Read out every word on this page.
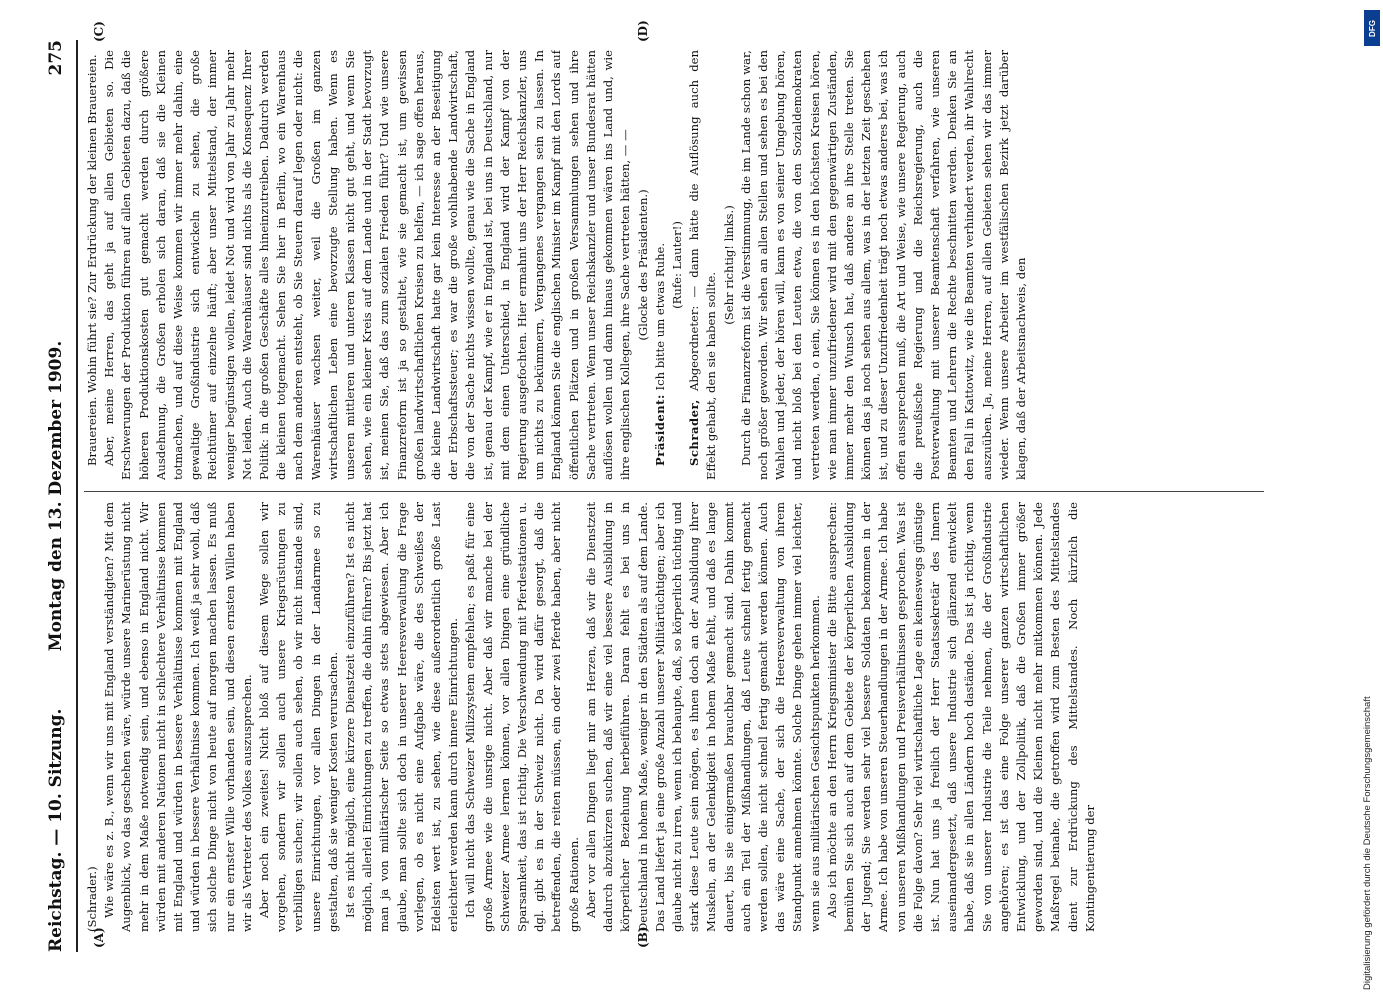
Reichstag. — 10. Sitzung.
Montag den 13. Dezember 1909.
275
(A)	(B)
(C)	(D)

(Schrader.) Wie wäre es z. B., wenn wir uns mit England verständigten? Mit dem Augenblick, wo das geschehen wäre, würde unsere Marinerüstung nicht mehr in dem Maße notwendig sein, und ebenso in England nicht. Wir würden mit anderen Nationen nicht in schlechtere Verhältnisse kommen mit England und würden in bessere Verhältnisse kommen mit England und würden in bessere Verhältnisse kommen. Ich weiß ja sehr wohl, daß sich solche Dinge nicht von heute auf morgen machen lassen. Es muß nur ein ernster Wille vorhanden sein, und diesen ernsten Willen haben wir als Vertreter des Volkes auszusprechen. Aber noch ein zweites! Nicht bloß auf diesem Wege sollen wir vorgehen, sondern wir sollen auch unsere Kriegsrüstungen zu verbilligen suchen; wir sollen auch sehen, ob wir nicht imstande sind, unsere Einrichtungen, vor allen Dingen in der Landarmee so zu gestalten, daß sie weniger Kosten verursachen. Ist es nicht möglich, eine kürzere Dienstzeit einzuführen? Ist es nicht möglich, allerlei Einrichtungen zu treffen, die dahin führen? Bis jetzt hat man ja von militärischer Seite so etwas stets abgewiesen. Aber ich glaube, man sollte sich doch in unserer Heeresverwaltung die Frage vorlegen, ob es nicht eine Aufgabe wäre, die des Schweißes der Edelsten wert ist, zu sehen, wie diese außerordentlich große Last erleichtert werden kann durch innere Einrichtungen. Ich will nicht das Schweizer Milizsystem empfehlen; es paßt für eine große Armee wie die unsrige nicht. Aber daß wir manche bei der Schweizer Armee lernen können, vor allen Dingen eine gründliche Sparsamkeit, das ist richtig. Die Verschwendung mit Pferdestationen u. dgl. gibt es in der Schweiz nicht. Da wird dafür gesorgt, daß die betreffenden, die reiten müssen, ein oder zwei Pferde haben, aber nicht große Rationen. Aber vor allen Dingen liegt mir am Herzen, daß wir die Dienstzeit dadurch abzukürzen suchen, daß wir eine viel bessere Ausbildung in körperlicher Beziehung herbeiführen. Daran fehlt es bei uns in Deutschland in hohem Maße, weniger in den Städten als auf dem Lande. Das Land liefert ja eine große Anzahl unserer Militärtüchtigen; aber ich glaube nicht zu irren, wenn ich behaupte, daß, so körperlich tüchtig und stark diese Leute sein mögen, es ihnen doch an der Ausbildung ihrer Muskeln, an der Gelenkigkeit in hohem Maße fehlt, und daß es lange dauert, bis sie einigermaßen brauchbar gemacht sind. Dahin kommt auch ein Teil der Mißhandlungen, daß Leute schnell fertig gemacht werden sollen, die nicht schnell fertig gemacht werden können. Auch das wäre eine Sache, der sich die Heeresverwaltung von ihrem Standpunkt annehmen könnte. Solche Dinge gehen immer viel leichter, wenn sie aus militärischen Gesichtspunkten herkommen. Also ich möchte an den Herrn Kriegsminister die Bitte aussprechen: bemühen Sie sich auch auf dem Gebiete der körperlichen Ausbildung der Jugend; Sie werden sehr viel bessere Soldaten bekommen in der Armee. Ich habe von unseren Steuerhandlungen in der Armee. Ich habe von unseren Mißhandlungen und Preisverhältnissen gesprochen. Was ist die Folge davon? Sehr viel wirtschaftliche Lage ein keineswegs günstige ist. Nun hat uns ja freilich der Herr Staatssekretär des Innern auseinandergesetzt, daß unsere Industrie sich glänzend entwickelt habe, daß sie in allen Ländern hoch dastände. Das ist ja richtig, wenn Sie von unserer Industrie die Teile nehmen, die der Großindustrie angehören; es ist das eine Folge unserer ganzen wirtschaftlichen Entwicklung, und der Zollpolitik, daß die Großen immer größer geworden sind, und die Kleinen nicht mehr mitkommen können. Jede Maßregel beinahe, die getroffen wird zum Besten des Mittelstandes dient zur Erdrückung des Mittelstandes. Noch kürzlich die Kontingentierung der

Brauereien. Wohin führt sie? Zur Erdrückung der kleinen Brauereien. Aber, meine Herren, das geht ja auf allen Gebieten so. Die Erschwerungen der Produktion führen auf allen Gebieten dazu, daß die höheren Produktionskosten gut gemacht werden durch größere Ausdehnung, die Großen erholen sich daran, daß sie die Kleinen totmachen, und auf diese Weise kommen wir immer mehr dahin, eine gewaltige Großindustrie sich entwickeln zu sehen, die große Reichtümer auf einzelne häuft; aber unser Mittelstand, der immer weniger begünstigen wollen, leidet Not und wird von Jahr zu Jahr mehr Not leiden. Auch die Warenhäuser sind nichts als die Konsequenz Ihrer Politik: in die großen Geschäfte alles hineinzutreiben. Dadurch werden die kleinen totgemacht. Sehen Sie hier in Berlin, wo ein Warenhaus nach dem anderen entsteht, ob Sie Steuern darauf legen oder nicht: die Warenhäuser wachsen weiter, weil die Großen im ganzen wirtschaftlichen Leben eine bevorzugte Stellung haben. Wenn es unseren mittleren und unteren Klassen nicht gut geht, und wenn Sie sehen, wie ein kleiner Kreis auf dem Lande und in der Stadt bevorzugt ist, meinen Sie, daß das zum sozialen Frieden führt? Und wie unsere Finanzreform ist ja so gestaltet, wie sie gemacht ist, um gewissen großen landwirtschaftlichen Kreisen zu helfen, — ich sage offen heraus, die kleine Landwirtschaft hatte gar kein Interesse an der Beseitigung der Erbschaftssteuer; es war die große wohlhabende Landwirtschaft, die von der Sache nichts wissen wollte, genau wie die Sache in England ist, genau der Kampf, wie er in England ist, bei uns in Deutschland, nur mit dem einen Unterschied, in England wird der Kampf von der Regierung ausgefochten. Hier ermahnt uns der Herr Reichskanzler, uns um nichts zu bekümmern, Vergangenes vergangen sein zu lassen. In England können Sie die englischen Minister im Kampf mit den Lords auf öffentlichen Plätzen und in großen Versammlungen sehen und ihre Sache vertreten. Wenn unser Reichskanzler und unser Bundesrat hätten auflösen wollen und dann hinaus gekommen wären ins Land und, wie ihre englischen Kollegen, ihre Sache vertreten hätten, — — (Glocke des Präsidenten.)

Präsident: Ich bitte um etwas Ruhe. (Rufe: Lauter!)

Schrader, Abgeordneter: — dann hätte die Auflösung auch den Effekt gehabt, den sie haben sollte.

(Sehr richtig! links.) Durch die Finanzreform ist die Verstimmung, die im Lande schon war, noch größer geworden. Wir sehen an allen Stellen und sehen es bei den Wahlen und jeder, der hören will, kann es von seiner Umgebung hören, und nicht bloß bei den Leuten etwa, die von den Sozialdemokraten vertreten werden, o nein, Sie können es in den höchsten Kreisen hören, wie man immer unzufriedener wird mit den gegenwärtigen Zuständen, immer mehr den Wunsch hat, daß andere an ihre Stelle treten. Sie können das ja noch sehen aus allem, was in der letzten Zeit geschehen ist, und zu dieser Unzufriedenheit trägt noch etwas anderes bei, was ich offen aussprechen muß, die Art und Weise, wie unsere Regierung, auch die preußische Regierung und die Reichsregierung, auch die Postverwaltung mit unserer Beamtenschaft verfahren, wie unseren Beamten und Lehrern die Rechte beschnitten werden. Denken Sie an den Fall in Kattowitz, wie die Beamten verhindert werden, ihr Wahlrecht auszuüben. Ja, meine Herren, auf allen Gebieten sehen wir das immer wieder. Wenn unsere Arbeiter im westfälischen Bezirk jetzt darüber klagen, daß der Arbeitsnachweis, den

Digitalisierung gefördert durch die Deutsche Forschungsgemeinschaft
DFG
